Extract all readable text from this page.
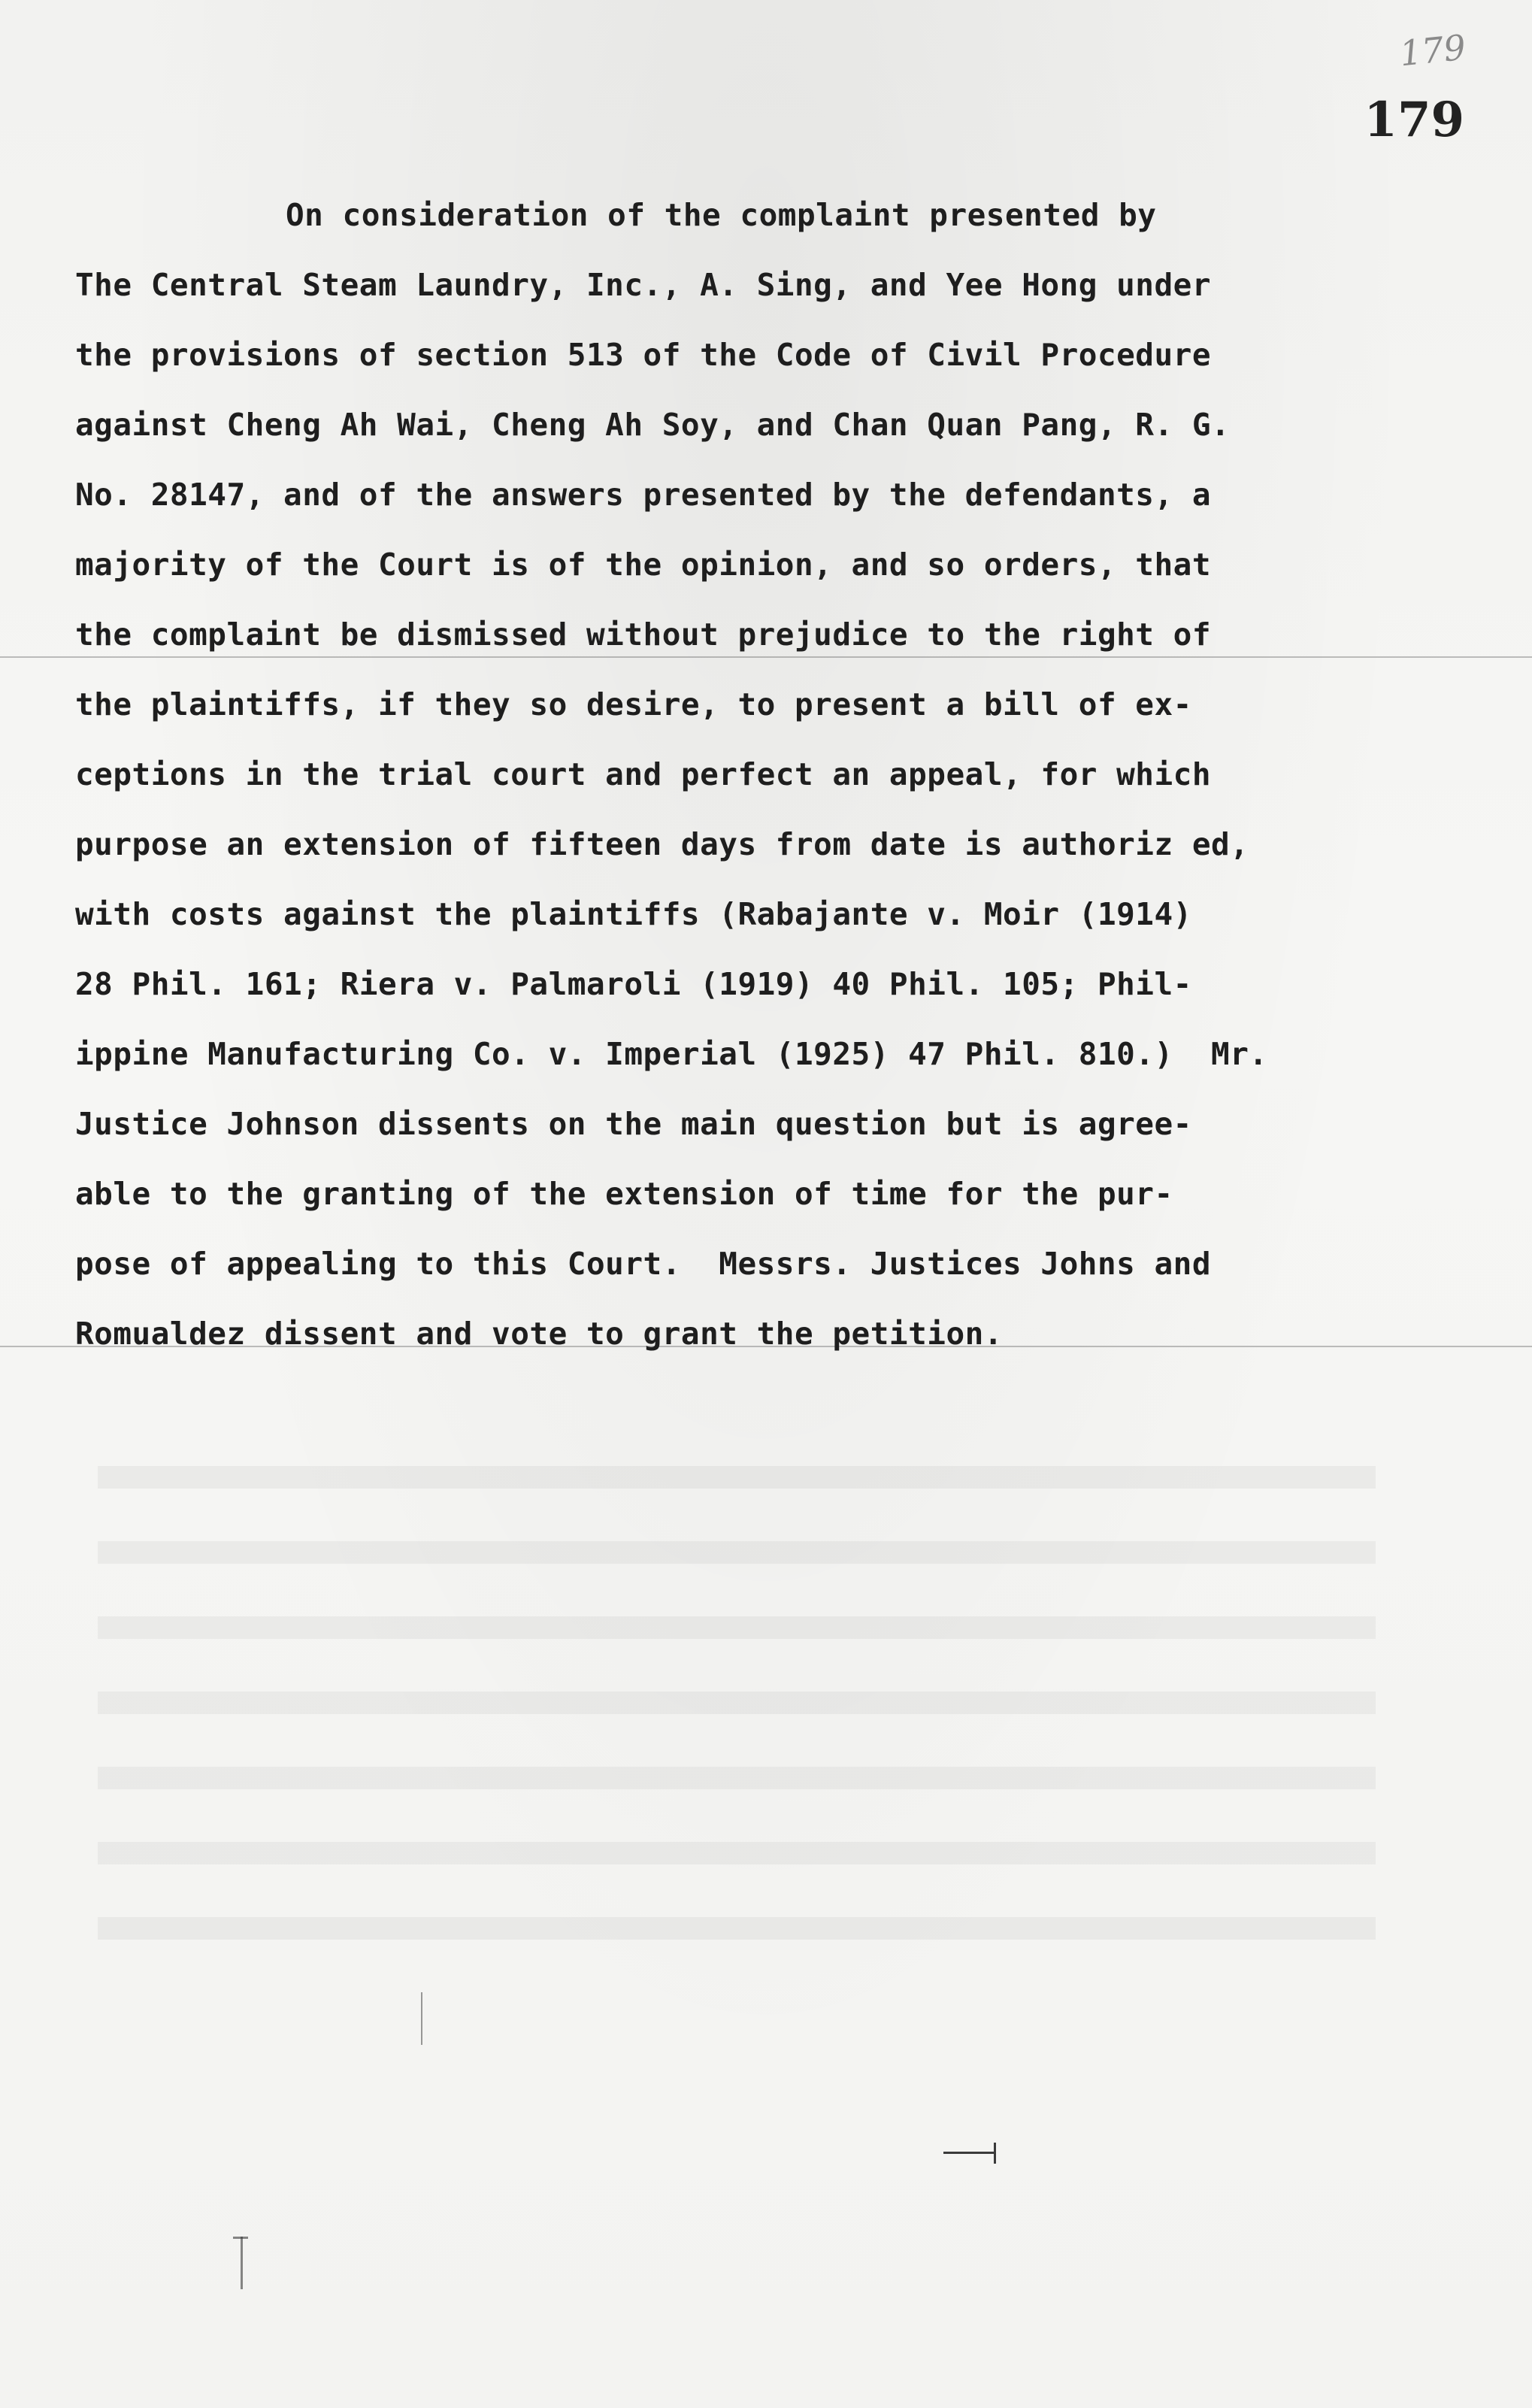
179
179
On consideration of the complaint presented by
The Central Steam Laundry, Inc., A. Sing, and Yee Hong under
the provisions of section 513 of the Code of Civil Procedure
against Cheng Ah Wai, Cheng Ah Soy, and Chan Quan Pang, R. G.
No. 28147, and of the answers presented by the defendants, a
majority of the Court is of the opinion, and so orders, that
the complaint be dismissed without prejudice to the right of
the plaintiffs, if they so desire, to present a bill of ex-
ceptions in the trial court and perfect an appeal, for which
purpose an extension of fifteen days from date is authoriz ed,
with costs against the plaintiffs (Rabajante v. Moir (1914)
28 Phil. 161; Riera v. Palmaroli (1919) 40 Phil. 105; Phil-
ippine Manufacturing Co. v. Imperial (1925) 47 Phil. 810.)  Mr.
Justice Johnson dissents on the main question but is agree-
able to the granting of the extension of time for the pur-
pose of appealing to this Court.  Messrs. Justices Johns and
Romualdez dissent and vote to grant the petition.
